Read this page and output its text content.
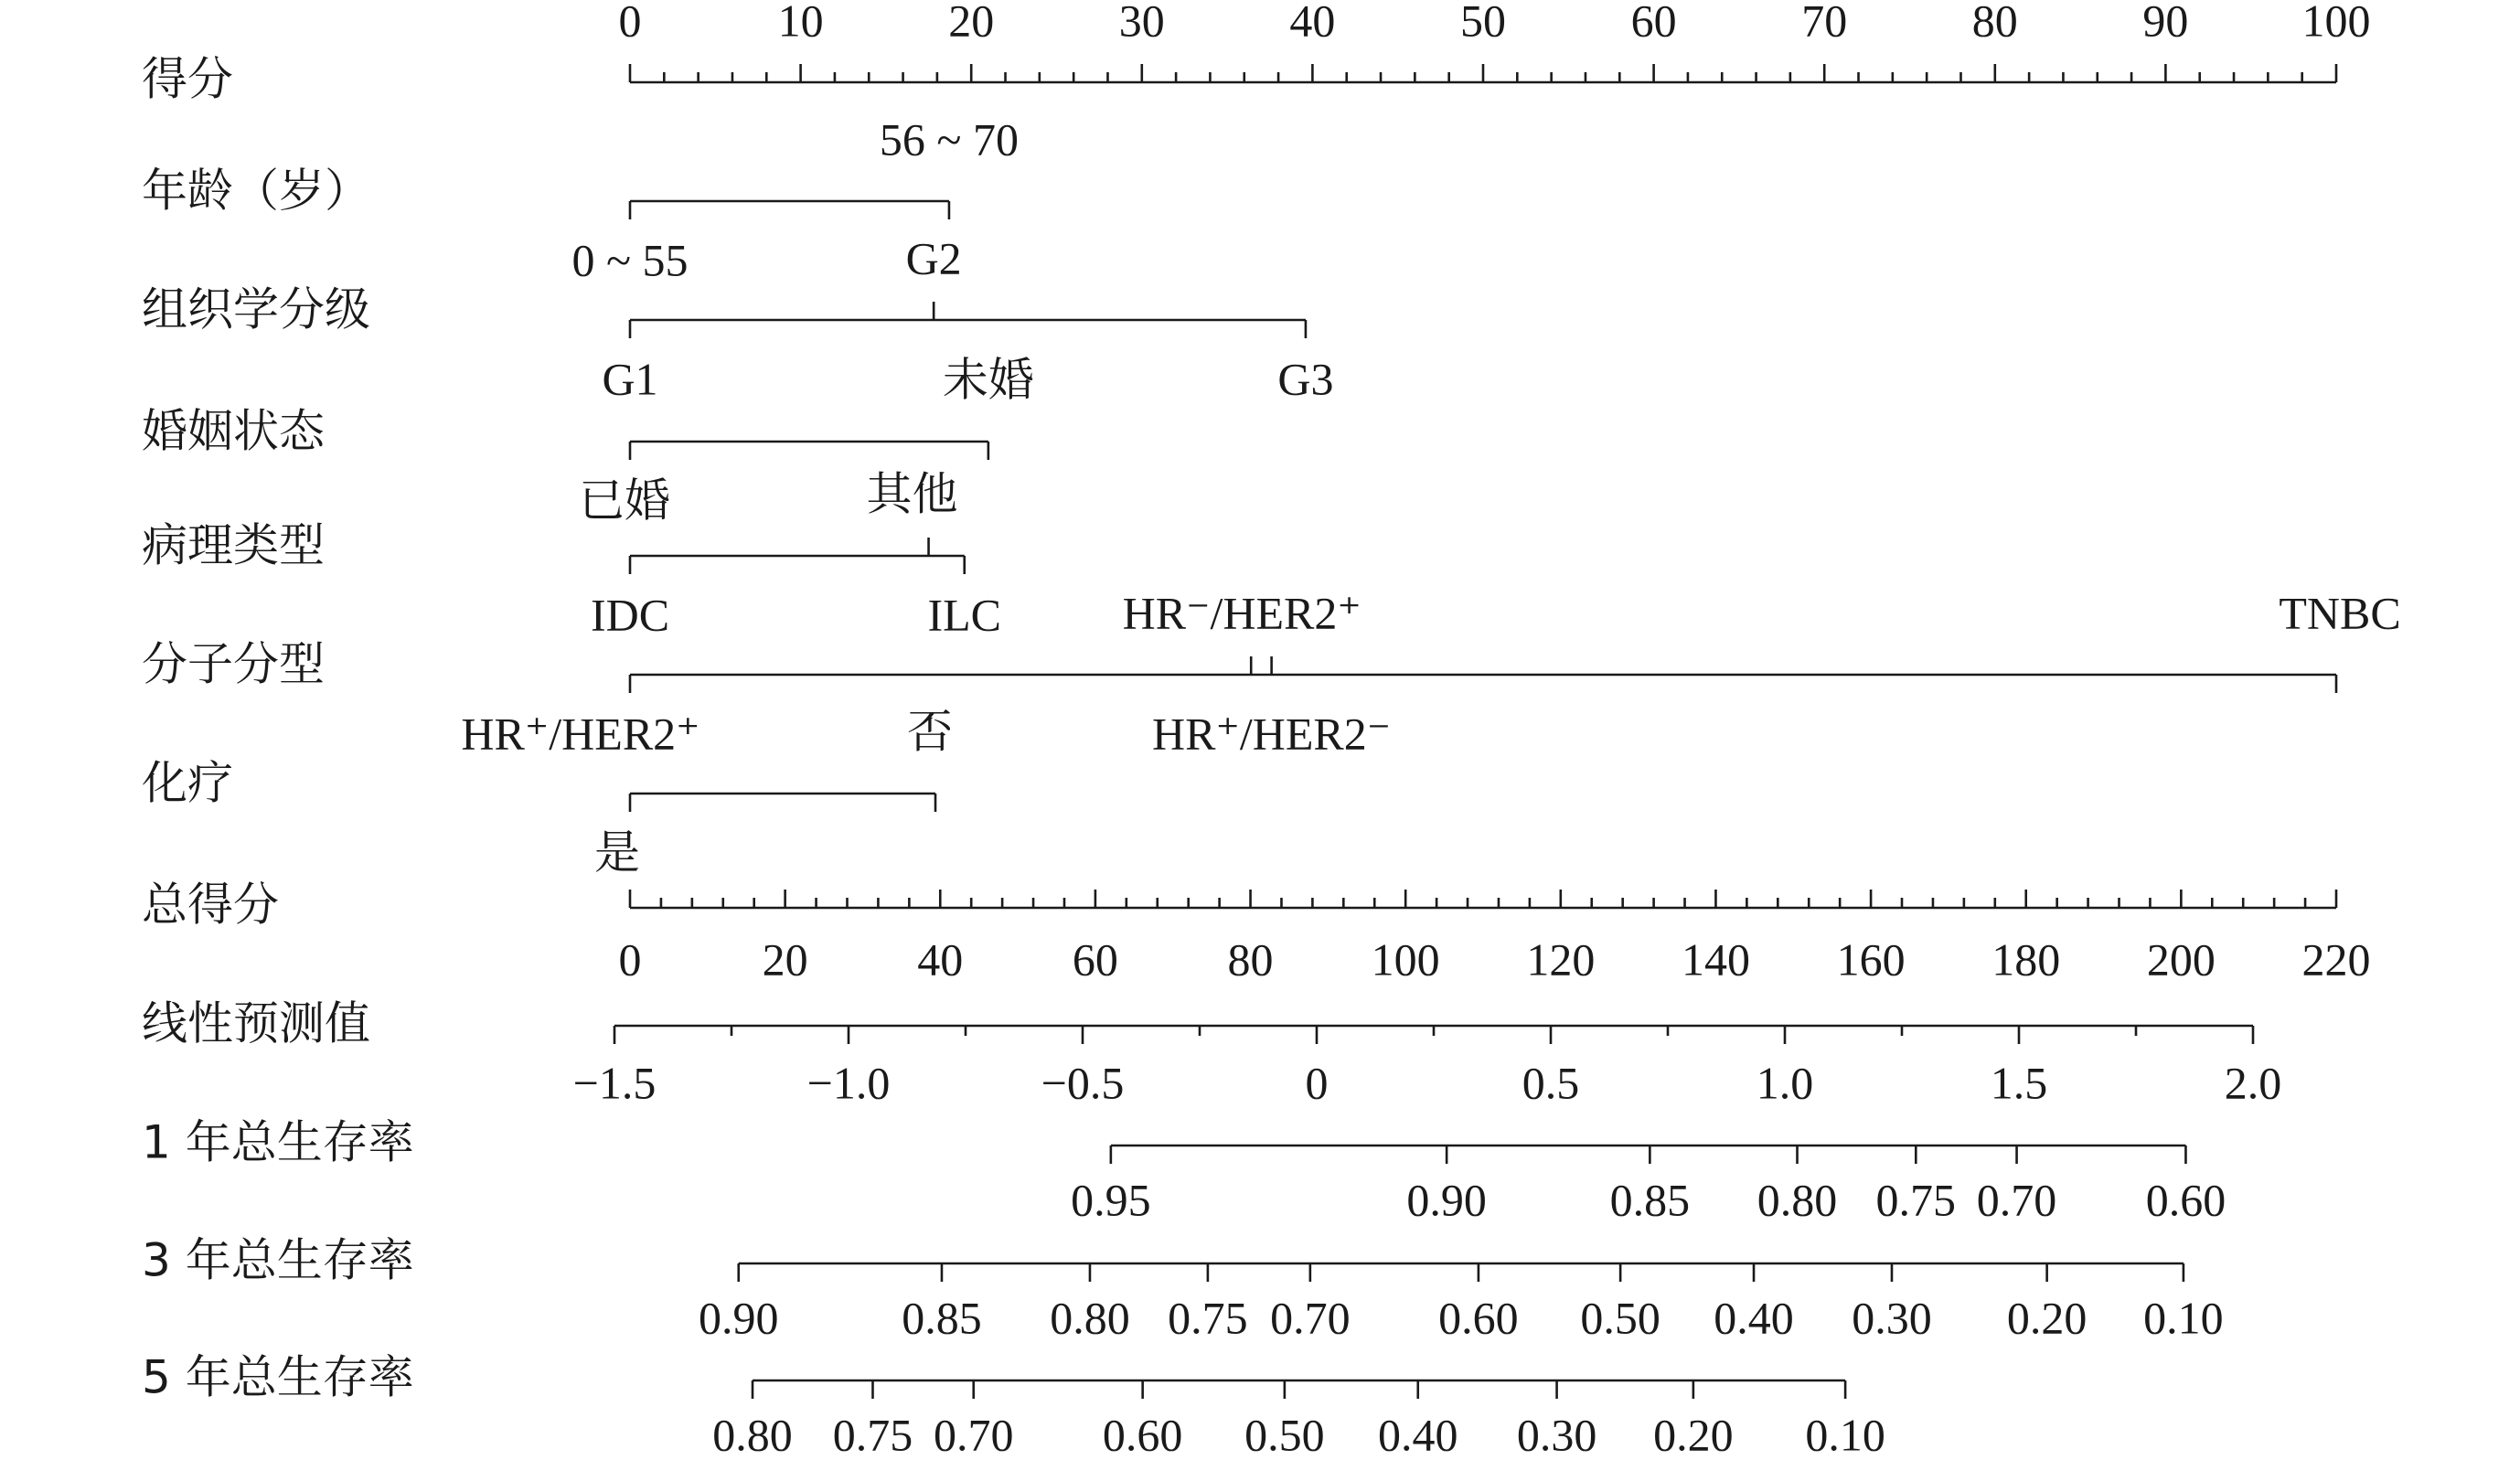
得分
0	10	20	30	40	50	60	70	80	90 100
年龄（岁）
0 ~ 55
56 ~ 70
组织学分级
G1
G2
G3
婚姻状态
已婚
未婚
病理类型
IDC
其他
ILC
分子分型
HR⁺/HER2⁺
HR⁻/HER2⁺
HR⁺/HER2⁻
TNBC
化疗
是
否
总得分
0	20 40 60 80 100 120 140 160 180 200 220
线性预测值
−1.5	−1.0	−0.5	0	0.5	1.0	1.5	2.0
1 年总生存率
0.95	0.90	0.85 0.80 0.75 0.70 0.60
3 年总生存率
0.90	0.85 0.80 0.75 0.70 0.60 0.50 0.40 0.30 0.20 0.10
5 年总生存率
0.80 0.75 0.70 0.60 0.50 0.40 0.30 0.20 0.10
